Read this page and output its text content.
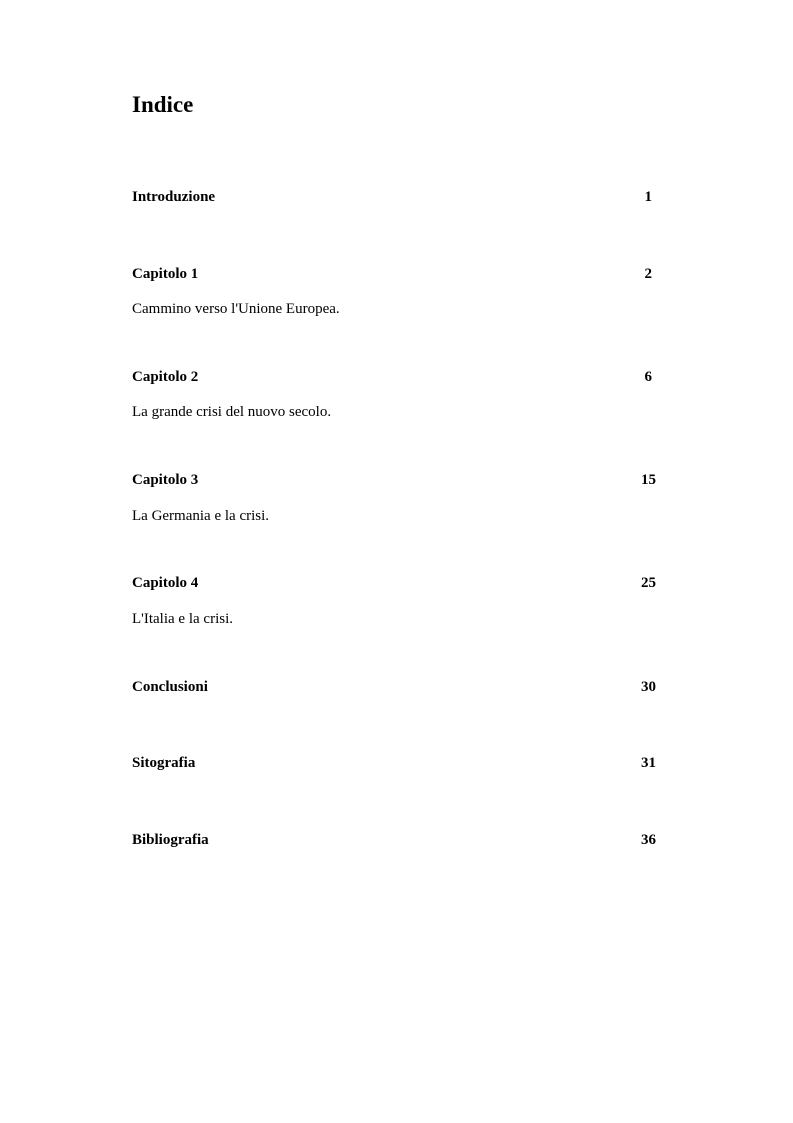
Indice
Introduzione	1
Capitolo 1	2
Cammino verso l'Unione Europea.
Capitolo 2	6
La grande crisi del nuovo secolo.
Capitolo 3	15
La Germania e la crisi.
Capitolo 4	25
L'Italia e la crisi.
Conclusioni	30
Sitografia	31
Bibliografia	36
